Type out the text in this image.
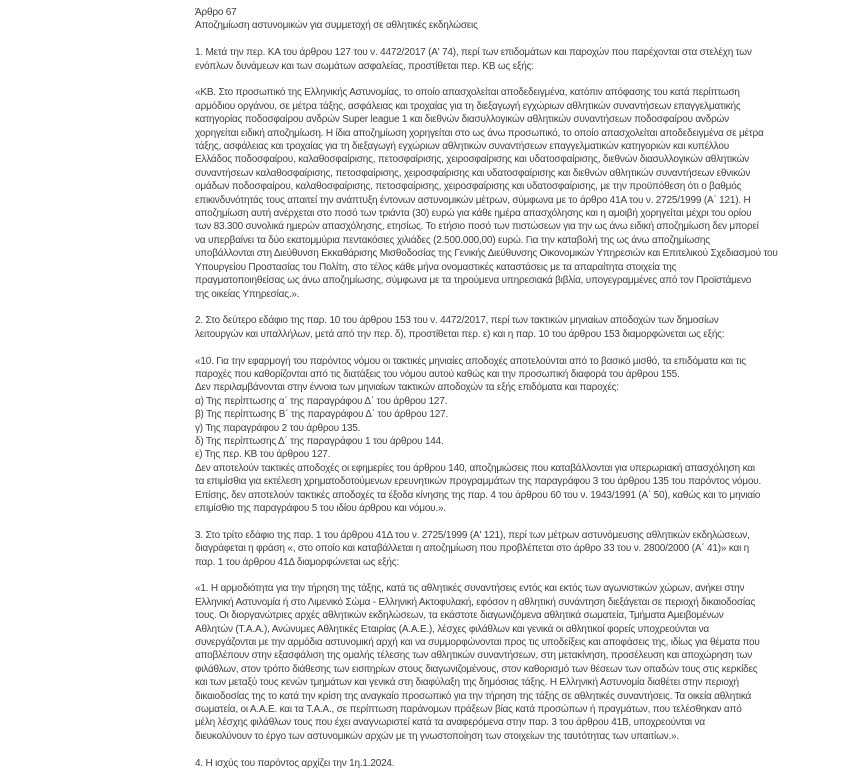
Άρθρο 67
Αποζημίωση αστυνομικών για συμμετοχή σε αθλητικές εκδηλώσεις
1. Μετά την περ. ΚΑ του άρθρου 127 του ν. 4472/2017 (Α' 74), περί των επιδομάτων και παροχών που παρέχονται στα στελέχη των
ενόπλων δυνάμεων και των σωμάτων ασφαλείας, προστίθεται περ. ΚΒ ως εξής:
«ΚΒ. Στο προσωπικό της Ελληνικής Αστυνομίας, το οποίο απασχολείται αποδεδειγμένα, κατόπιν απόφασης του κατά περίπτωση
αρμόδιου οργάνου, σε μέτρα τάξης, ασφάλειας και τροχαίας για τη διεξαγωγή εγχώριων αθλητικών συναντήσεων επαγγελματικής
κατηγορίας ποδοσφαίρου ανδρών Super league 1 και διεθνών διασυλλογικών αθλητικών συναντήσεων ποδοσφαίρου ανδρών
χορηγείται ειδική αποζημίωση. Η ίδια αποζημίωση χορηγείται στο ως άνω προσωπικό, το οποίο απασχολείται αποδεδειγμένα σε μέτρα
τάξης, ασφάλειας και τροχαίας για τη διεξαγωγή εγχώριων αθλητικών συναντήσεων επαγγελματικών κατηγοριών και κυπέλλου
Ελλάδος ποδοσφαίρου, καλαθοσφαίρισης, πετοσφαίρισης, χειροσφαίρισης και υδατοσφαίρισης, διεθνών διασυλλογικών αθλητικών
συναντήσεων καλαθοσφαίρισης, πετοσφαίρισης, χειροσφαίρισης και υδατοσφαίρισης και διεθνών αθλητικών συναντήσεων εθνικών
ομάδων ποδοσφαίρου, καλαθοσφαίρισης, πετοσφαίρισης, χειροσφαίρισης και υδατοσφαίρισης, με την προϋπόθεση ότι ο βαθμός
επικινδυνότητάς τους απαιτεί την ανάπτυξη έντονων αστυνομικών μέτρων, σύμφωνα με το άρθρο 41Α του ν. 2725/1999 (Α΄ 121). Η
αποζημίωση αυτή ανέρχεται στο ποσό των τριάντα (30) ευρώ για κάθε ημέρα απασχόλησης και η αμοιβή χορηγείται μέχρι του ορίου
των 83.300 συνολικά ημερών απασχόλησης, ετησίως. Το ετήσιο ποσό των πιστώσεων για την ως άνω ειδική αποζημίωση δεν μπορεί
να υπερβαίνει τα δύο εκατομμύρια πεντακόσιες χιλιάδες (2.500.000,00) ευρώ. Για την καταβολή της ως άνω αποζημίωσης
υποβάλλονται στη Διεύθυνση Εκκαθάρισης Μισθοδοσίας της Γενικής Διεύθυνσης Οικονομικών Υπηρεσιών και Επιτελικού Σχεδιασμού του
Υπουργείου Προστασίας του Πολίτη, στο τέλος κάθε μήνα ονομαστικές καταστάσεις με τα απαραίτητα στοιχεία της
πραγματοποιηθείσας ως άνω αποζημίωσης, σύμφωνα με τα τηρούμενα υπηρεσιακά βιβλία, υπογεγραμμένες από τον Προϊστάμενο
της οικείας Υπηρεσίας.».
2. Στο δεύτερο εδάφιο της παρ. 10 του άρθρου 153 του ν. 4472/2017, περί των τακτικών μηνιαίων αποδοχών των δημοσίων
λειτουργών και υπαλλήλων, μετά από την περ. δ), προστίθεται περ. ε) και η παρ. 10 του άρθρου 153 διαμορφώνεται ως εξής:
«10. Για την εφαρμογή του παρόντος νόμου οι τακτικές μηνιαίες αποδοχές αποτελούνται από το βασικό μισθό, τα επιδόματα και τις
παροχές που καθορίζονται από τις διατάξεις του νόμου αυτού καθώς και την προσωπική διαφορά του άρθρου 155.
Δεν περιλαμβάνονται στην έννοια των μηνιαίων τακτικών αποδοχών τα εξής επιδόματα και παροχές:
α) Της περίπτωσης α΄ της παραγράφου Δ΄ του άρθρου 127.
β) Της περίπτωσης Β΄ της παραγράφου Δ΄ του άρθρου 127.
γ) Της παραγράφου 2 του άρθρου 135.
δ) Της περίπτωσης Δ΄ της παραγράφου 1 του άρθρου 144.
ε) Της περ. ΚΒ του άρθρου 127.
Δεν αποτελούν τακτικές αποδοχές οι εφημερίες του άρθρου 140, αποζημιώσεις που καταβάλλονται για υπερωριακή απασχόληση και
τα επιμίσθια για εκτέλεση χρηματοδοτούμενων ερευνητικών προγραμμάτων της παραγράφου 3 του άρθρου 135 του παρόντος νόμου.
Επίσης, δεν αποτελούν τακτικές αποδοχές τα έξοδα κίνησης της παρ. 4 του άρθρου 60 του ν. 1943/1991 (Α΄ 50), καθώς και το μηνιαίο
επιμίσθιο της παραγράφου 5 του ιδίου άρθρου και νόμου.».
3. Στο τρίτο εδάφιο της παρ. 1 του άρθρου 41Δ του ν. 2725/1999 (Α' 121), περί των μέτρων αστυνόμευσης αθλητικών εκδηλώσεων,
διαγράφεται η φράση «, στο οποίο και καταβάλλεται η αποζημίωση που προβλέπεται στο άρθρο 33 του ν. 2800/2000 (Α΄ 41)» και η
παρ. 1 του άρθρου 41Δ διαμορφώνεται ως εξής:
«1. Η αρμοδιότητα για την τήρηση της τάξης, κατά τις αθλητικές συναντήσεις εντός και εκτός των αγωνιστικών χώρων, ανήκει στην
Ελληνική Αστυνομία ή στο Λιμενικό Σώμα - Ελληνική Ακτοφυλακή, εφόσον η αθλητική συνάντηση διεξάγεται σε περιοχή δικαιοδοσίας
τους. Οι διοργανώτριες αρχές αθλητικών εκδηλώσεων, τα εκάστοτε διαγωνιζόμενα αθλητικά σωματεία, Τμήματα Αμειβομένων
Αθλητών (Τ.Α.Α.), Ανώνυμες Αθλητικές Εταιρίας (Α.Α.Ε.), λέσχες φιλάθλων και γενικά οι αθλητικοί φορείς υποχρεούνται να
συνεργάζονται με την αρμόδια αστυνομική αρχή και να συμμορφώνονται προς τις υποδείξεις και αποφάσεις της, ιδίως για θέματα που
αποβλέπουν στην εξασφάλιση της ομαλής τέλεσης των αθλητικών συναντήσεων, στη μετακίνηση, προσέλευση και αποχώρηση των
φιλάθλων, στον τρόπο διάθεσης των εισιτηρίων στους διαγωνιζομένους, στον καθορισμό των θέσεων των οπαδών τους στις κερκίδες
και των μεταξύ τους κενών τμημάτων και γενικά στη διαφύλαξη της δημόσιας τάξης. Η Ελληνική Αστυνομία διαθέτει στην περιοχή
δικαιοδοσίας της το κατά την κρίση της αναγκαίο προσωπικό για την τήρηση της τάξης σε αθλητικές συναντήσεις. Τα οικεία αθλητικά
σωματεία, οι Α.Α.Ε. και τα Τ.Α.Α., σε περίπτωση παράνομων πράξεων βίας κατά προσώπων ή πραγμάτων, που τελέσθηκαν από
μέλη λέσχης φιλάθλων τους που έχει αναγνωριστεί κατά τα αναφερόμενα στην παρ. 3 του άρθρου 41Β, υποχρεούνται να
διευκολύνουν το έργο των αστυνομικών αρχών με τη γνωστοποίηση των στοιχείων της ταυτότητας των υπαιτίων.».
4. Η ισχύς του παρόντος αρχίζει την 1η.1.2024.
